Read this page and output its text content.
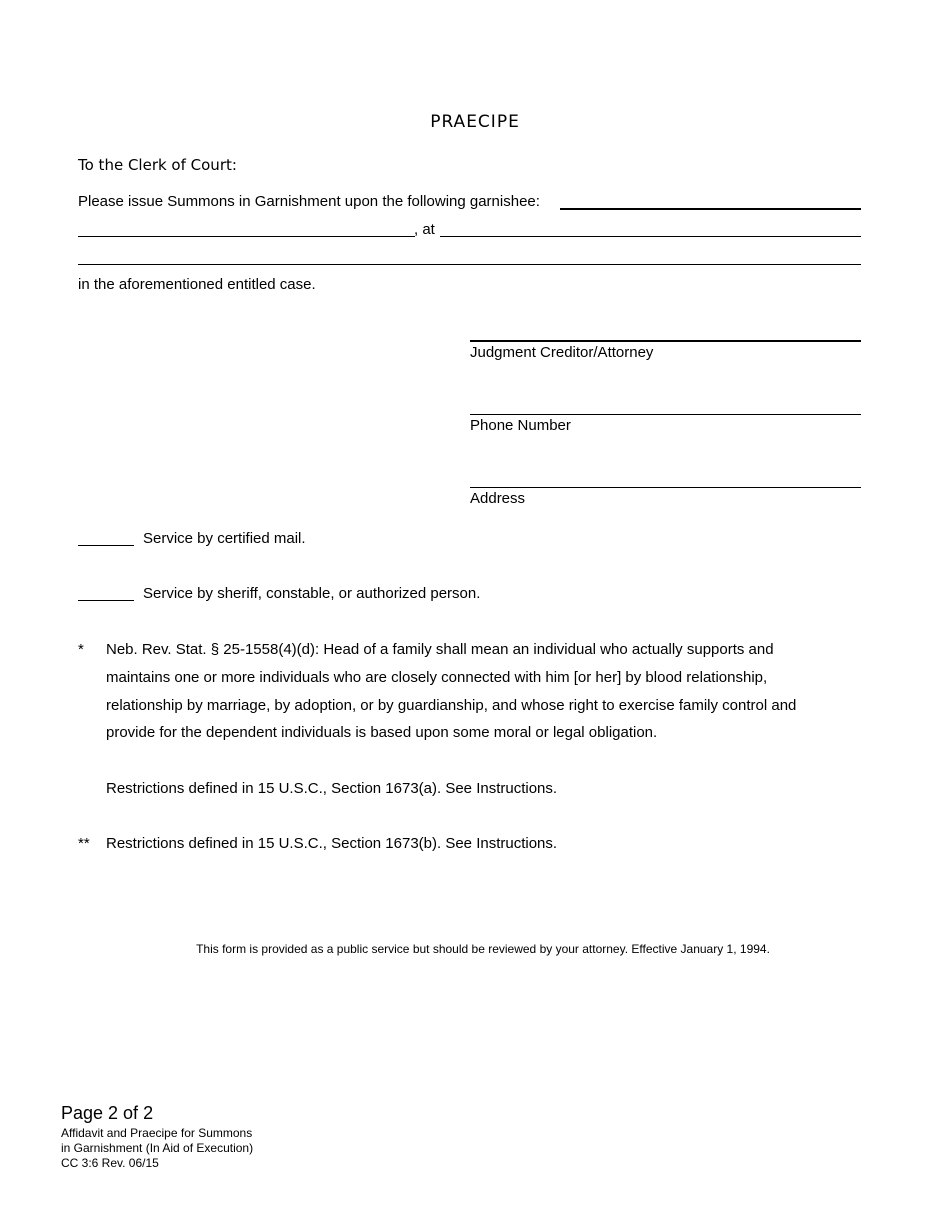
PRAECIPE
To the Clerk of Court:
Please issue Summons in Garnishment upon the following garnishee:
, at
in the aforementioned entitled case.
Judgment Creditor/Attorney
Phone Number
Address
Service by certified mail.
Service by sheriff, constable, or authorized person.
* Neb. Rev. Stat. § 25-1558(4)(d): Head of a family shall mean an individual who actually supports and maintains one or more individuals who are closely connected with him [or her] by blood relationship, relationship by marriage, by adoption, or by guardianship, and whose right to exercise family control and provide for the dependent individuals is based upon some moral or legal obligation.
Restrictions defined in 15 U.S.C., Section 1673(a). See Instructions.
** Restrictions defined in 15 U.S.C., Section 1673(b). See Instructions.
This form is provided as a public service but should be reviewed by your attorney. Effective January 1, 1994.
Page 2 of 2
Affidavit and Praecipe for Summons
in Garnishment (In Aid of Execution)
CC 3:6 Rev. 06/15
